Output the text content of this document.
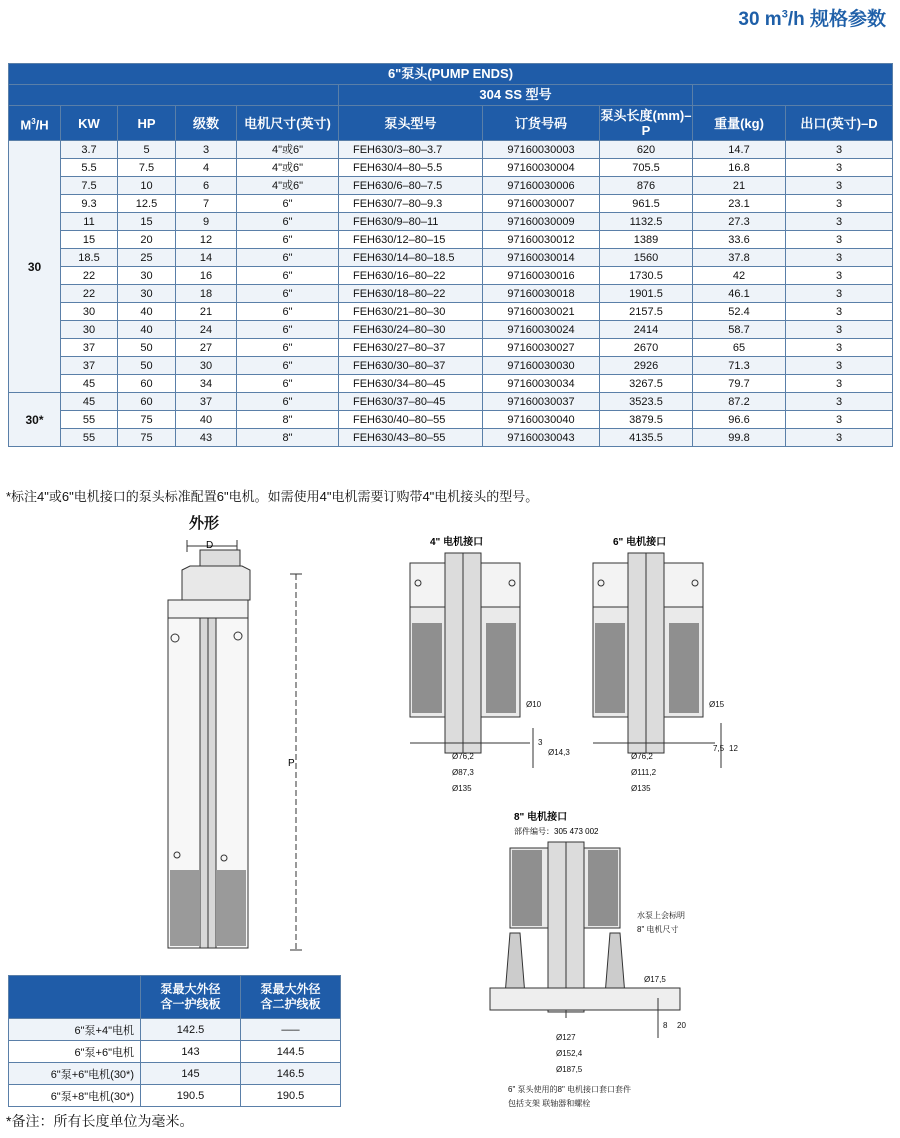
30 $m^3/h$ 规格参数
6"泵头(PUMP ENDS)									
					304 SS 型号				
$M^3/H$	KW	HP	级数	电机尺寸(英寸)	泵头型号	订货号码	泵头长度(mm)–P	重量(kg)	出口(英寸)–D
30	3.7	5	3	4"或6"	FEH630/3–80–3.7	97160030003	620	14.7	3
	5.5	7.5	4	4"或6"	FEH630/4–80–5.5	97160030004	705.5	16.8	3
	7.5	10	6	4"或6"	FEH630/6–80–7.5	97160030006	876	21	3
	9.3	12.5	7	6"	FEH630/7–80–9.3	97160030007	961.5	23.1	3
	11	15	9	6"	FEH630/9–80–11	97160030009	1132.5	27.3	3
	15	20	12	6"	FEH630/12–80–15	97160030012	1389	33.6	3
	18.5	25	14	6"	FEH630/14–80–18.5	97160030014	1560	37.8	3
	22	30	16	6"	FEH630/16–80–22	97160030016	1730.5	42	3
	22	30	18	6"	FEH630/18–80–22	97160030018	1901.5	46.1	3
	30	40	21	6"	FEH630/21–80–30	97160030021	2157.5	52.4	3
	30	40	24	6"	FEH630/24–80–30	97160030024	2414	58.7	3
	37	50	27	6"	FEH630/27–80–37	97160030027	2670	65	3
	37	50	30	6"	FEH630/30–80–37	97160030030	2926	71.3	3
	45	60	34	6"	FEH630/34–80–45	97160030034	3267.5	79.7	3
30*	45	60	37	6"	FEH630/37–80–45	97160030037	3523.5	87.2	3
	55	75	40	8"	FEH630/40–80–55	97160030040	3879.5	96.6	3
	55	75	43	8"	FEH630/43–80–55	97160030043	4135.5	99.8	3
*标注4"或6"电机接口的泵头标准配置6"电机。如需使用4"电机需要订购带4"电机接头的型号。
外形
D
P
4" 电机接口
Ø10
Ø76,2
Ø87,3
Ø135
3
Ø14,3
6" 电机接口
Ø15
Ø76,2
Ø111,2
Ø135
7,5 12
8" 电机接口
部件编号：305 473 002
水泵上会标明
8" 电机尺寸
Ø17,5
Ø127
Ø152,4
Ø187,5
8 20
6" 泵头使用的8" 电机接口套口套件
包括支架 联轴器和螺栓
	泵最大外径
含一护线板	泵最大外径
含二护线板
6"泵+4"电机	142.5	–––
6"泵+6"电机	143	144.5
6"泵+6"电机(30*)	145	146.5
6"泵+8"电机(30*)	190.5	190.5
*备注：所有长度单位为毫米。
